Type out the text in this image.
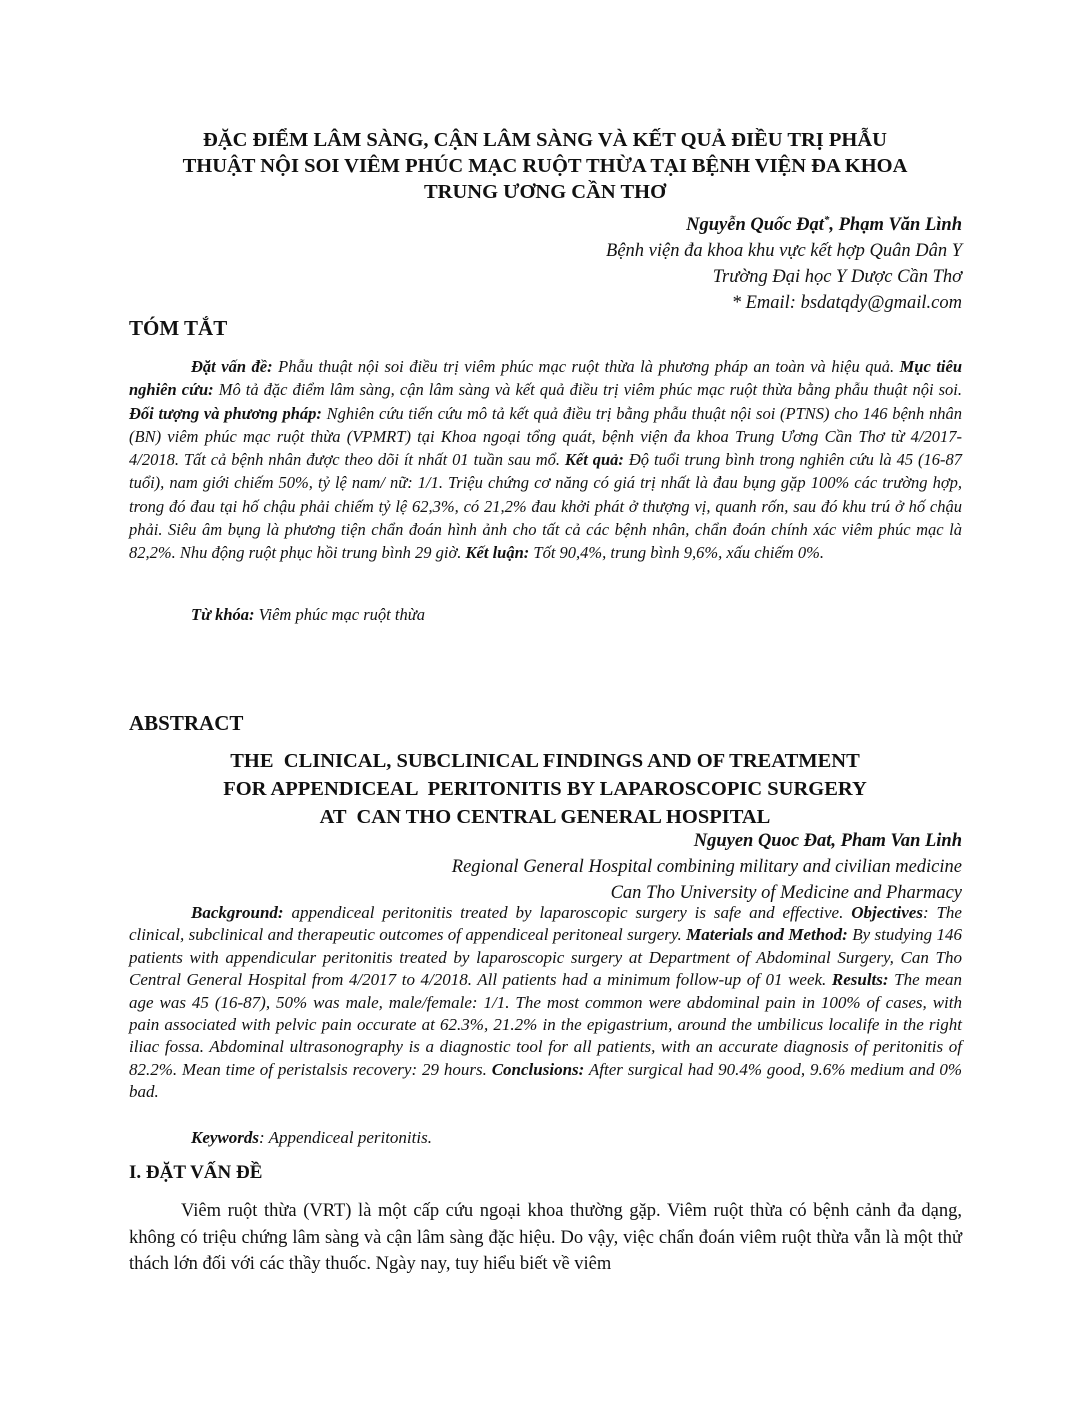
ĐẶC ĐIỂM LÂM SÀNG, CẬN LÂM SÀNG VÀ KẾT QUẢ ĐIỀU TRỊ PHẪU
THUẬT NỘI SOI VIÊM PHÚC MẠC RUỘT THỪA TẠI BỆNH VIỆN ĐA KHOA
TRUNG ƯƠNG CẦN THƠ
Nguyễn Quốc Đạt*, Phạm Văn Lình
Bệnh viện đa khoa khu vực kết hợp Quân Dân Y
Trường Đại học Y Dược Cần Thơ
* Email: bsdatqdy@gmail.com
TÓM TẮT

Đặt vấn đề: Phẫu thuật nội soi điều trị viêm phúc mạc ruột thừa là phương pháp an toàn và hiệu quả. Mục tiêu nghiên cứu: Mô tả đặc điểm lâm sàng, cận lâm sàng và kết quả điều trị viêm phúc mạc ruột thừa bằng phẫu thuật nội soi. Đối tượng và phương pháp: Nghiên cứu tiến cứu mô tả kết quả điều trị bằng phẫu thuật nội soi (PTNS) cho 146 bệnh nhân (BN) viêm phúc mạc ruột thừa (VPMRT) tại Khoa ngoại tổng quát, bệnh viện đa khoa Trung Ương Cần Thơ từ 4/2017-4/2018. Tất cả bệnh nhân được theo dõi ít nhất 01 tuần sau mổ. Kết quả: Độ tuổi trung bình trong nghiên cứu là 45 (16-87 tuổi), nam giới chiếm 50%, tỷ lệ nam/ nữ: 1/1. Triệu chứng cơ năng có giá trị nhất là đau bụng gặp 100% các trường hợp, trong đó đau tại hố chậu phải chiếm tỷ lệ 62,3%, có 21,2% đau khởi phát ở thượng vị, quanh rốn, sau đó khu trú ở hố chậu phải. Siêu âm bụng là phương tiện chẩn đoán hình ảnh cho tất cả các bệnh nhân, chẩn đoán chính xác viêm phúc mạc là 82,2%. Nhu động ruột phục hồi trung bình 29 giờ. Kết luận: Tốt 90,4%, trung bình 9,6%, xấu chiếm 0%.

Từ khóa: Viêm phúc mạc ruột thừa

ABSTRACT
THE  CLINICAL, SUBCLINICAL FINDINGS AND OF TREATMENT
FOR APPENDICEAL  PERITONITIS BY LAPAROSCOPIC SURGERY
AT  CAN THO CENTRAL GENERAL HOSPITAL
Nguyen Quoc Đat, Pham Van Linh
Regional General Hospital combining military and civilian medicine
Can Tho University of Medicine and Pharmacy

Background: appendiceal peritonitis treated by laparoscopic surgery is safe and effective. Objectives: The clinical, subclinical and therapeutic outcomes of appendiceal peritoneal surgery. Materials and Method: By studying 146 patients with appendicular peritonitis treated by laparoscopic surgery at Department of Abdominal Surgery, Can Tho Central General Hospital from 4/2017 to 4/2018. All patients had a minimum follow-up of 01 week. Results: The mean age was 45 (16-87), 50% was male, male/female: 1/1. The most common were abdominal pain in 100% of cases, with pain associated with pelvic pain occurate at 62.3%, 21.2% in the epigastrium, around the umbilicus localife in the right iliac fossa. Abdominal ultrasonography is a diagnostic tool for all patients, with an accurate diagnosis of peritonitis of 82.2%. Mean time of peristalsis recovery: 29 hours. Conclusions: After surgical had 90.4% good, 9.6% medium and 0% bad.

Keywords: Appendiceal peritonitis.

I. ĐẶT VẤN ĐỀ

Viêm ruột thừa (VRT) là một cấp cứu ngoại khoa thường gặp. Viêm ruột thừa có bệnh cảnh đa dạng, không có triệu chứng lâm sàng và cận lâm sàng đặc hiệu. Do vậy, việc chẩn đoán viêm ruột thừa vẫn là một thử thách lớn đối với các thầy thuốc. Ngày nay, tuy hiểu biết về viêm
